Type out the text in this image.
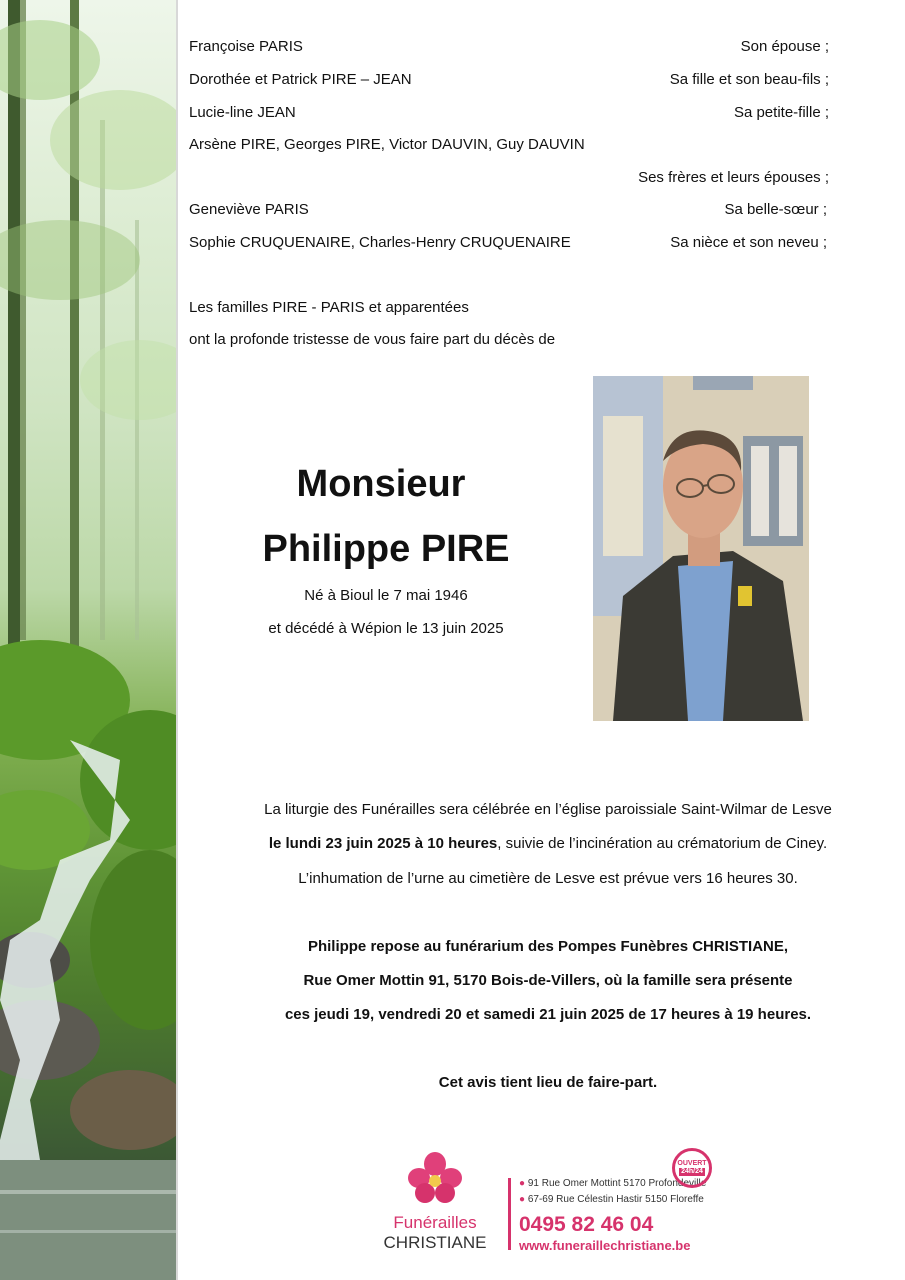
Françoise PARIS	Son épouse ;
Dorothée et Patrick PIRE – JEAN	Sa fille et son beau-fils ;
Lucie-line JEAN	Sa petite-fille ;
Arsène PIRE, Georges PIRE, Victor DAUVIN, Guy DAUVIN
Ses frères et leurs épouses ;
Geneviève PARIS	Sa belle-sœur ;
Sophie CRUQUENAIRE, Charles-Henry CRUQUENAIRE	Sa nièce et son neveu ;
Les familles PIRE - PARIS et apparentées
ont la profonde tristesse de vous faire part du décès de
Monsieur
Philippe PIRE
Né à Bioul le 7 mai 1946
et décédé à Wépion le 13 juin 2025
La liturgie des Funérailles sera célébrée en l’église paroissiale Saint-Wilmar de Lesve
le lundi 23 juin 2025 à 10 heures, suivie de l’incinération au crématorium de Ciney.
L’inhumation de l’urne au cimetière de Lesve est prévue vers 16 heures 30.
Philippe repose au funérarium des Pompes Funèbres CHRISTIANE,
Rue Omer Mottin 91, 5170 Bois-de-Villers, où la famille sera présente
ces jeudi 19, vendredi 20 et samedi 21 juin 2025 de 17 heures à 19 heures.
Cet avis tient lieu de faire-part.
Funérailles
CHRISTIANE
● 91 Rue Omer Mottint 5170 Profondeville
● 67-69 Rue Célestin Hastir 5150 Floreffe
0495 82 46 04
www.funeraillechristiane.be
OUVERT
24h/24
